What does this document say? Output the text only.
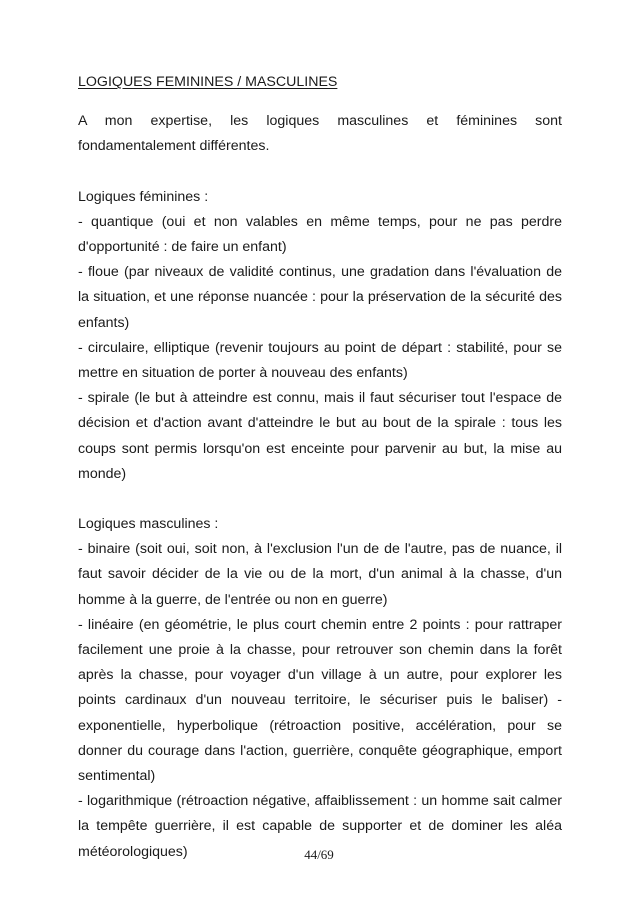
LOGIQUES FEMININES / MASCULINES

A mon expertise, les logiques masculines et féminines sont fondamentalement différentes.

Logiques féminines :

- quantique (oui et non valables en même temps, pour ne pas perdre d'opportunité : de faire un enfant)

- floue (par niveaux de validité continus, une gradation dans l'évaluation de la situation, et une réponse nuancée : pour la préservation de la sécurité des enfants)

- circulaire, elliptique (revenir toujours au point de départ : stabilité, pour se mettre en situation de porter à nouveau des enfants)

- spirale (le but à atteindre est connu, mais il faut sécuriser tout l'espace de décision et d'action avant d'atteindre le but au bout de la spirale : tous les coups sont permis lorsqu'on est enceinte pour parvenir au but, la mise au monde)

Logiques masculines :

- binaire (soit oui, soit non, à l'exclusion l'un de de l'autre, pas de nuance, il faut savoir décider de la vie ou de la mort, d'un animal à la chasse, d'un homme à la guerre, de l'entrée ou non en guerre)

- linéaire (en géométrie, le plus court chemin entre 2 points : pour rattraper facilement une proie à la chasse, pour retrouver son chemin dans la forêt après la chasse, pour voyager d'un village à un autre, pour explorer les points cardinaux d'un nouveau territoire, le sécuriser puis le baliser) - exponentielle, hyperbolique (rétroaction positive, accélération, pour se donner du courage dans l'action, guerrière, conquête géographique, emport sentimental)

- logarithmique (rétroaction négative, affaiblissement : un homme sait calmer la tempête guerrière, il est capable de supporter et de dominer les aléa météorologiques)	44/69
